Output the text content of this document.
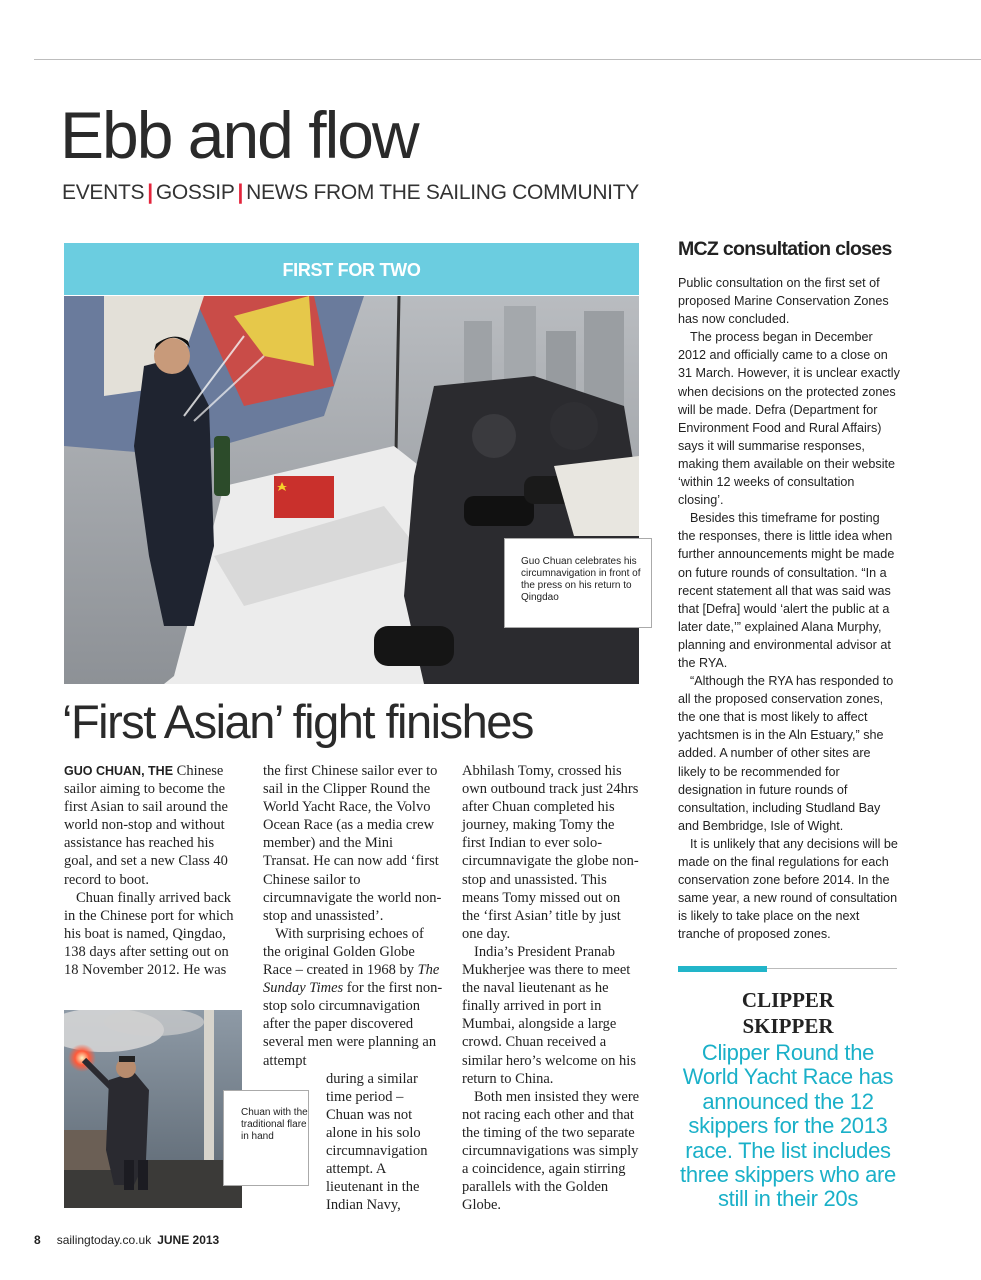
Ebb and flow
EVENTS | GOSSIP | NEWS FROM THE SAILING COMMUNITY
FIRST FOR TWO
Guo Chuan celebrates his circumnavigation in front of the press on his return to Qingdao
‘First Asian’ fight finishes

GUO CHUAN, THE Chinese sailor aiming to become the first Asian to sail around the world non-stop and without assistance has reached his goal, and set a new Class 40 record to boot.

Chuan finally arrived back in the Chinese port for which his boat is named, Qingdao, 138 days after setting out on 18 November 2012. He was

the first Chinese sailor ever to sail in the Clipper Round the World Yacht Race, the Volvo Ocean Race (as a media crew member) and the Mini Transat. He can now add ‘first Chinese sailor to circumnavigate the world non-stop and unassisted’.

With surprising echoes of the original Golden Globe Race – created in 1968 by The Sunday Times for the first non-stop solo circumnavigation after the paper discovered several men were planning an attempt

during a similar time period – Chuan was not alone in his solo circumnavigation attempt. A lieutenant in the Indian Navy,

Abhilash Tomy, crossed his own outbound track just 24hrs after Chuan completed his journey, making Tomy the first Indian to ever solo-circumnavigate the globe non-stop and unassisted. This means Tomy missed out on the ‘first Asian’ title by just one day.

India’s President Pranab Mukherjee was there to meet the naval lieutenant as he finally arrived in port in Mumbai, alongside a large crowd. Chuan received a similar hero’s welcome on his return to China.

Both men insisted they were not racing each other and that the timing of the two separate circumnavigations was simply a coincidence, again stirring parallels with the Golden Globe.

Chuan with the traditional flare in hand
MCZ consultation closes

Public consultation on the first set of proposed Marine Conservation Zones has now concluded.

The process began in December 2012 and officially came to a close on 31 March. However, it is unclear exactly when decisions on the protected zones will be made. Defra (Department for Environment Food and Rural Affairs) says it will summarise responses, making them available on their website ‘within 12 weeks of consultation closing’.

Besides this timeframe for posting the responses, there is little idea when further announcements might be made on future rounds of consultation. “In a recent statement all that was said was that [Defra] would ‘alert the public at a later date,’” explained Alana Murphy, planning and environmental advisor at the RYA.

“Although the RYA has responded to all the proposed conservation zones, the one that is most likely to affect yachtsmen is in the Aln Estuary,” she added. A number of other sites are likely to be recommended for designation in future rounds of consultation, including Studland Bay and Bembridge, Isle of Wight.

It is unlikely that any decisions will be made on the final regulations for each conservation zone before 2014. In the same year, a new round of consultation is likely to take place on the next tranche of proposed zones.

CLIPPER
SKIPPER
Clipper Round the World Yacht Race has announced the 12 skippers for the 2013 race. The list includes three skippers who are still in their 20s
8 sailingtoday.co.uk JUNE 2013
